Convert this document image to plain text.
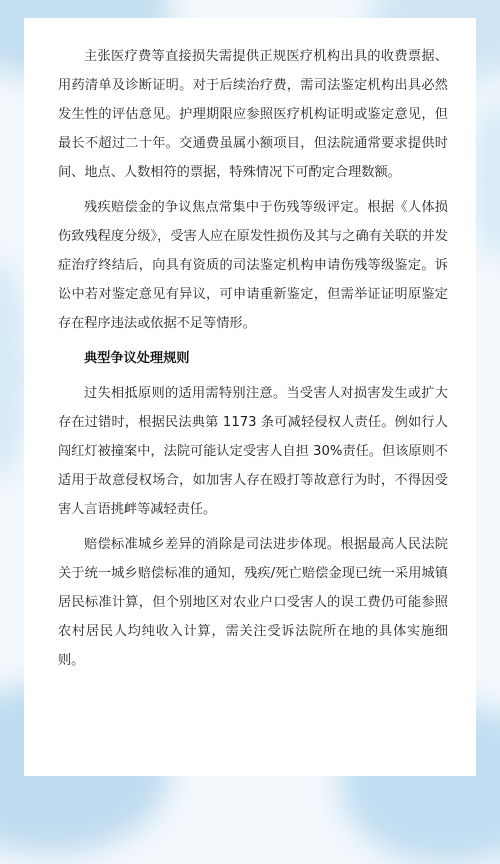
主张医疗费等直接损失需提供正规医疗机构出具的收费票据、用药清单及诊断证明。对于后续治疗费，需司法鉴定机构出具必然发生性的评估意见。护理期限应参照医疗机构证明或鉴定意见，但最长不超过二十年。交通费虽属小额项目，但法院通常要求提供时间、地点、人数相符的票据，特殊情况下可酌定合理数额。

残疾赔偿金的争议焦点常集中于伤残等级评定。根据《人体损伤致残程度分级》，受害人应在原发性损伤及其与之确有关联的并发症治疗终结后，向具有资质的司法鉴定机构申请伤残等级鉴定。诉讼中若对鉴定意见有异议，可申请重新鉴定，但需举证证明原鉴定存在程序违法或依据不足等情形。

典型争议处理规则

过失相抵原则的适用需特别注意。当受害人对损害发生或扩大存在过错时，根据民法典第 1173 条可减轻侵权人责任。例如行人闯红灯被撞案中，法院可能认定受害人自担 30%责任。但该原则不适用于故意侵权场合，如加害人存在殴打等故意行为时，不得因受害人言语挑衅等减轻责任。

赔偿标准城乡差异的消除是司法进步体现。根据最高人民法院关于统一城乡赔偿标准的通知，残疾/死亡赔偿金现已统一采用城镇居民标准计算，但个别地区对农业户口受害人的误工费仍可能参照农村居民人均纯收入计算，需关注受诉法院所在地的具体实施细则。
